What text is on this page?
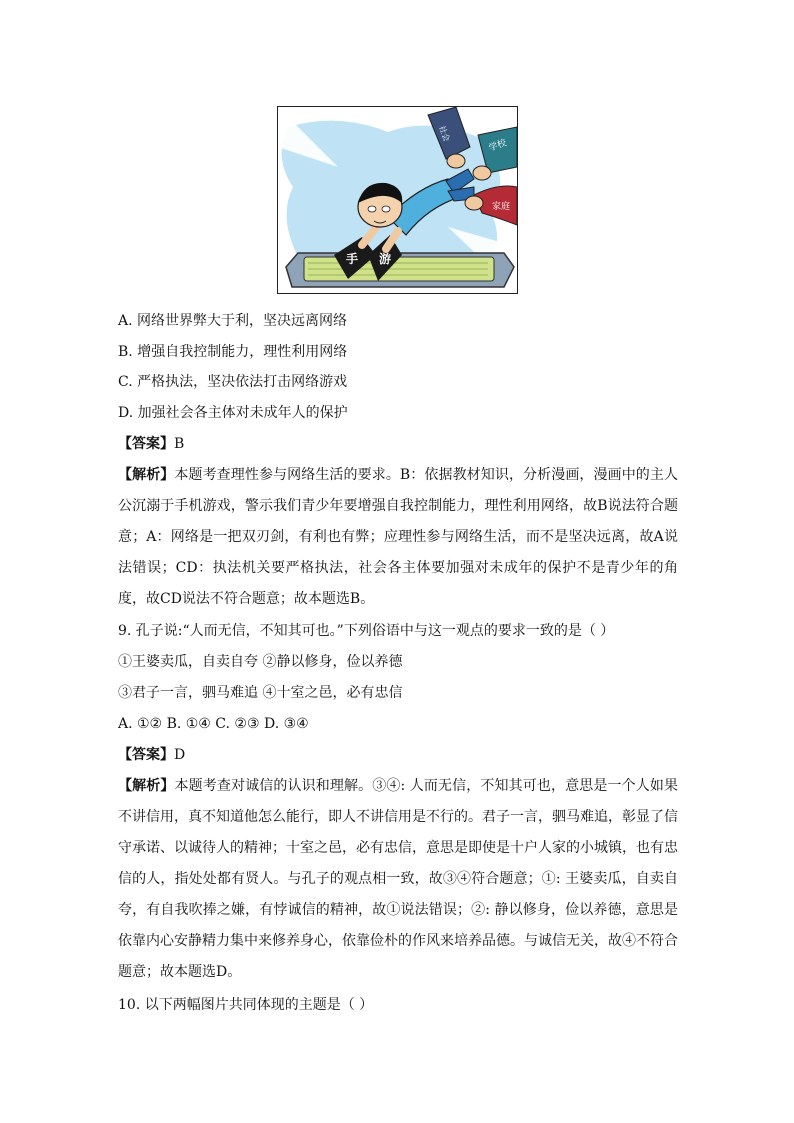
社会
学校
家庭
手 游
A. 网络世界弊大于利，坚决远离网络
B. 增强自我控制能力，理性利用网络
C. 严格执法，坚决依法打击网络游戏
D. 加强社会各主体对未成年人的保护
【答案】B
【解析】本题考查理性参与网络生活的要求。B：依据教材知识，分析漫画，漫画中的主人公沉溺于手机游戏，警示我们青少年要增强自我控制能力，理性利用网络，故B说法符合题意；A：网络是一把双刃剑，有利也有弊；应理性参与网络生活，而不是坚决远离，故A说法错误；CD：执法机关要严格执法，社会各主体要加强对未成年的保护不是青少年的角度，故CD说法不符合题意；故本题选B。
9. 孔子说:“人而无信，不知其可也。”下列俗语中与这一观点的要求一致的是（ ）
①王婆卖瓜，自卖自夸 ②静以修身，俭以养德
③君子一言，驷马难追 ④十室之邑，必有忠信
A. ①② B. ①④ C. ②③ D. ③④
【答案】D
【解析】本题考查对诚信的认识和理解。③④: 人而无信，不知其可也，意思是一个人如果不讲信用，真不知道他怎么能行，即人不讲信用是不行的。君子一言，驷马难追，彰显了信守承诺、以诚待人的精神；十室之邑，必有忠信，意思是即使是十户人家的小城镇，也有忠信的人，指处处都有贤人。与孔子的观点相一致，故③④符合题意；①: 王婆卖瓜，自卖自夸，有自我吹捧之嫌，有悖诚信的精神，故①说法错误；②: 静以修身，俭以养德，意思是依靠内心安静精力集中来修养身心，依靠俭朴的作风来培养品德。与诚信无关，故④不符合题意；故本题选D。
10. 以下两幅图片共同体现的主题是（ ）
